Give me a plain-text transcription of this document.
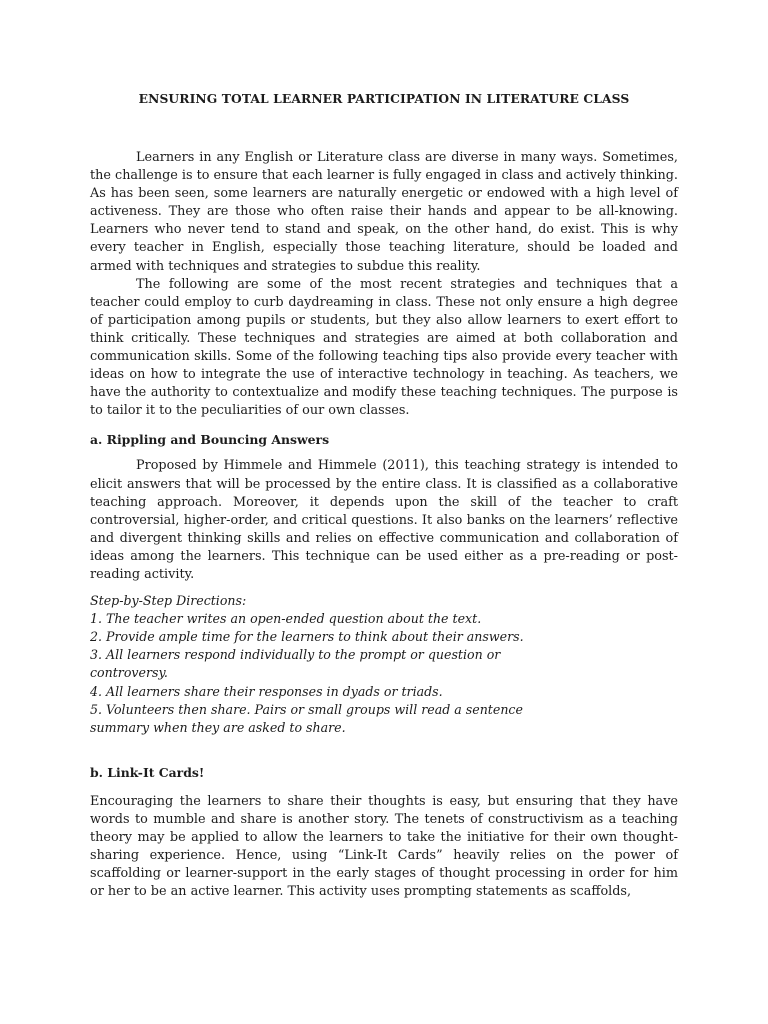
ENSURING TOTAL LEARNER PARTICIPATION IN LITERATURE CLASS

Learners in any English or Literature class are diverse in many ways. Sometimes, the challenge is to ensure that each learner is fully engaged in class and actively thinking. As has been seen, some learners are naturally energetic or endowed with a high level of activeness. They are those who often raise their hands and appear to be all-knowing. Learners who never tend to stand and speak, on the other hand, do exist. This is why every teacher in English, especially those teaching literature, should be loaded and armed with techniques and strategies to subdue this reality.

The following are some of the most recent strategies and techniques that a teacher could employ to curb daydreaming in class. These not only ensure a high degree of participation among pupils or students, but they also allow learners to exert effort to think critically. These techniques and strategies are aimed at both collaboration and communication skills. Some of the following teaching tips also provide every teacher with ideas on how to integrate the use of interactive technology in teaching. As teachers, we have the authority to contextualize and modify these teaching techniques. The purpose is to tailor it to the peculiarities of our own classes.

a. Rippling and Bouncing Answers

Proposed by Himmele and Himmele (2011), this teaching strategy is intended to elicit answers that will be processed by the entire class. It is classified as a collaborative teaching approach. Moreover, it depends upon the skill of the teacher to craft controversial, higher-order, and critical questions. It also banks on the learners’ reflective and divergent thinking skills and relies on effective communication and collaboration of ideas among the learners. This technique can be used either as a pre-reading or post-reading activity.

Step-by-Step Directions:
1. The teacher writes an open-ended question about the text.
2. Provide ample time for the learners to think about their answers.
3. All learners respond individually to the prompt or question or controversy.
4. All learners share their responses in dyads or triads.
5. Volunteers then share. Pairs or small groups will read a sentence summary when they are asked to share.
b. Link-It Cards!

Encouraging the learners to share their thoughts is easy, but ensuring that they have words to mumble and share is another story. The tenets of constructivism as a teaching theory may be applied to allow the learners to take the initiative for their own thought-sharing experience. Hence, using “Link-It Cards” heavily relies on the power of scaffolding or learner-support in the early stages of thought processing in order for him or her to be an active learner. This activity uses prompting statements as scaffolds,
